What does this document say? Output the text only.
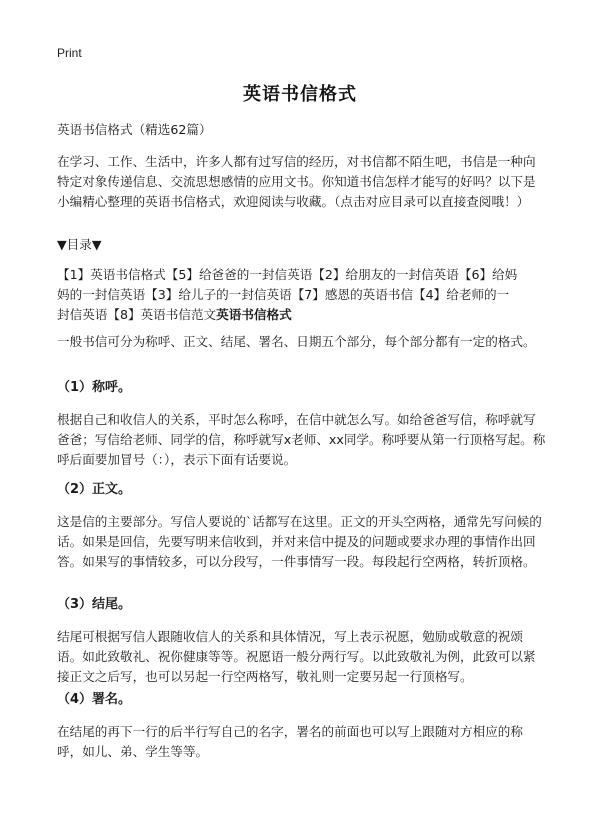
Print
英语书信格式

英语书信格式（精选62篇）

在学习、工作、生活中，许多人都有过写信的经历，对书信都不陌生吧，书信是一种向特定对象传递信息、交流思想感情的应用文书。你知道书信怎样才能写的好吗？以下是小编精心整理的英语书信格式，欢迎阅读与收藏。（点击对应目录可以直接查阅哦！）

▼目录▼

【1】英语书信格式【5】给爸爸的一封信英语【2】给朋友的一封信英语【6】给妈
妈的一封信英语【3】给儿子的一封信英语【7】感恩的英语书信【4】给老师的一
封信英语【8】英语书信范文英语书信格式

一般书信可分为称呼、正文、结尾、署名、日期五个部分，每个部分都有一定的格式。

（1）称呼。

根据自己和收信人的关系，平时怎么称呼，在信中就怎么写。如给爸爸写信，称呼就写爸爸；写信给老师、同学的信，称呼就写x老师、xx同学。称呼要从第一行顶格写起。称呼后面要加冒号（：），表示下面有话要说。

（2）正文。

这是信的主要部分。写信人要说的`话都写在这里。正文的开头空两格，通常先写问候的话。如果是回信，先要写明来信收到，并对来信中提及的问题或要求办理的事情作出回答。如果写的事情较多，可以分段写，一件事情写一段。每段起行空两格，转折顶格。

（3）结尾。

结尾可根据写信人跟随收信人的关系和具体情况，写上表示祝愿，勉励或敬意的祝颂语。如此致敬礼、祝你健康等等。祝愿语一般分两行写。以此致敬礼为例，此致可以紧接正文之后写，也可以另起一行空两格写，敬礼则一定要另起一行顶格写。

（4）署名。

在结尾的再下一行的后半行写自己的名字，署名的前面也可以写上跟随对方相应的称呼，如儿、弟、学生等等。
